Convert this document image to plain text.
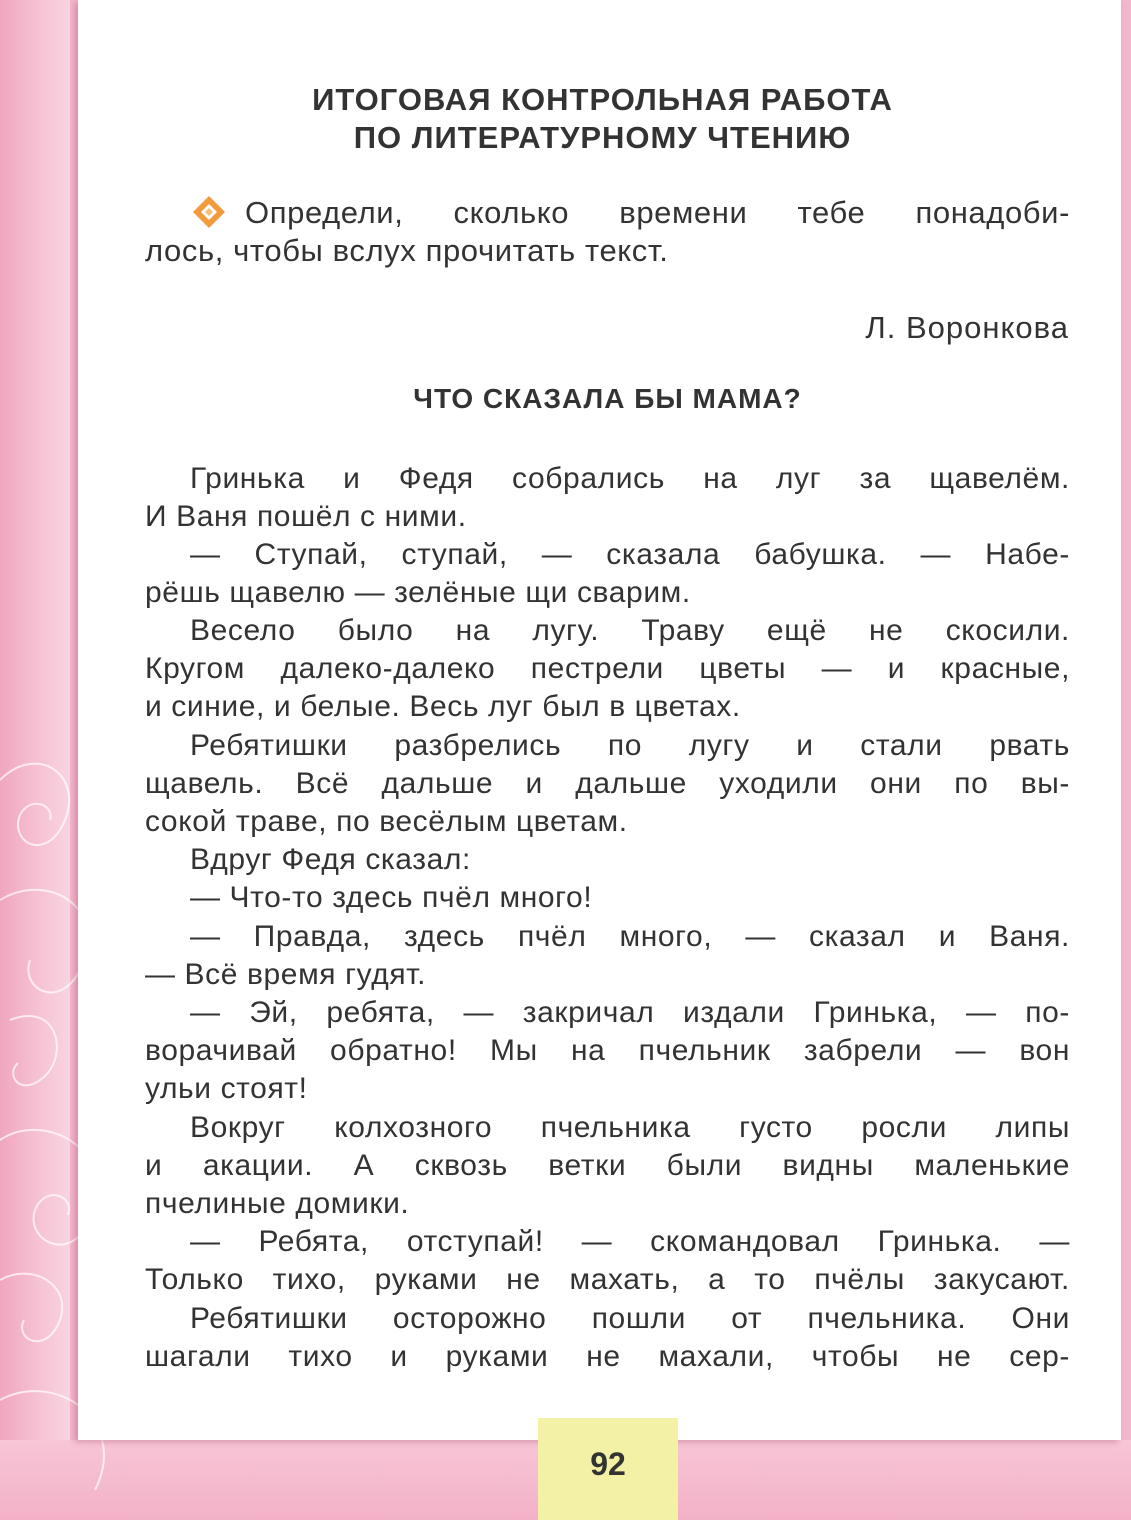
ИТОГОВАЯ КОНТРОЛЬНАЯ РАБОТА
ПО ЛИТЕРАТУРНОМУ ЧТЕНИЮ
Определи, сколько времени тебе понадоби-
лось, чтобы вслух прочитать текст.
Л. Воронкова
ЧТО СКАЗАЛА БЫ МАМА?
Гринька и Федя собрались на луг за щавелём.
И Ваня пошёл с ними.
— Ступай, ступай, — сказала бабушка. — Набе-
рёшь щавелю — зелёные щи сварим.
Весело было на лугу. Траву ещё не скосили.
Кругом далеко-далеко пестрели цветы — и красные,
и синие, и белые. Весь луг был в цветах.
Ребятишки разбрелись по лугу и стали рвать
щавель. Всё дальше и дальше уходили они по вы-
сокой траве, по весёлым цветам.
Вдруг Федя сказал:
— Что-то здесь пчёл много!
— Правда, здесь пчёл много, — сказал и Ваня.
— Всё время гудят.
— Эй, ребята, — закричал издали Гринька, — по-
ворачивай обратно! Мы на пчельник забрели — вон
ульи стоят!
Вокруг колхозного пчельника густо росли липы
и акации. А сквозь ветки были видны маленькие
пчелиные домики.
— Ребята, отступай! — скомандовал Гринька. —
Только тихо, руками не махать, а то пчёлы закусают.
Ребятишки осторожно пошли от пчельника. Они
шагали тихо и руками не махали, чтобы не сер-
92
